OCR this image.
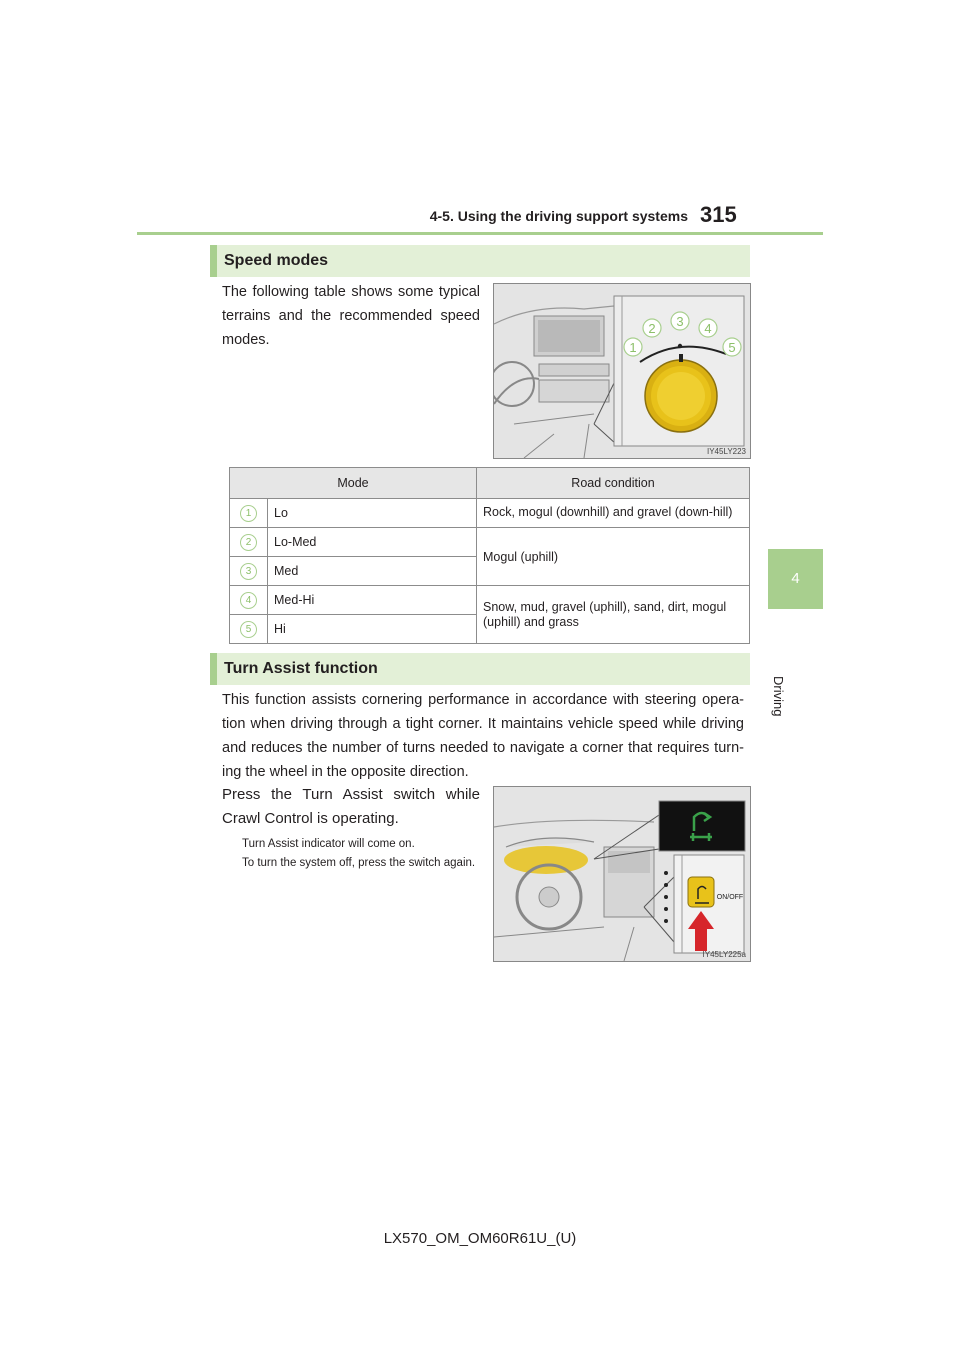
4-5. Using the driving support systems 315
4
Driving
Speed modes
The following table shows some typical terrains and the recommended speed modes.	1
2 3 4
5
IY45LY223
Mode		Road condition
1	Lo	Rock, mogul (downhill) and gravel (down-hill)
2	Lo-Med	Mogul (uphill)
3	Med	
4	Med-Hi	Snow, mud, gravel (uphill), sand, dirt, mogul (uphill) and grass
5	Hi	
Turn Assist function
This function assists cornering performance in accordance with steering opera-tion when driving through a tight corner. It maintains vehicle speed while driving and reduces the number of turns needed to navigate a corner that requires turn-ing the wheel in the opposite direction.
Press the Turn Assist switch while Crawl Control is operating.
Turn Assist indicator will come on.
To turn the system off, press the switch again.
ON/OFF
IY45LY225a
LX570_OM_OM60R61U_(U)
